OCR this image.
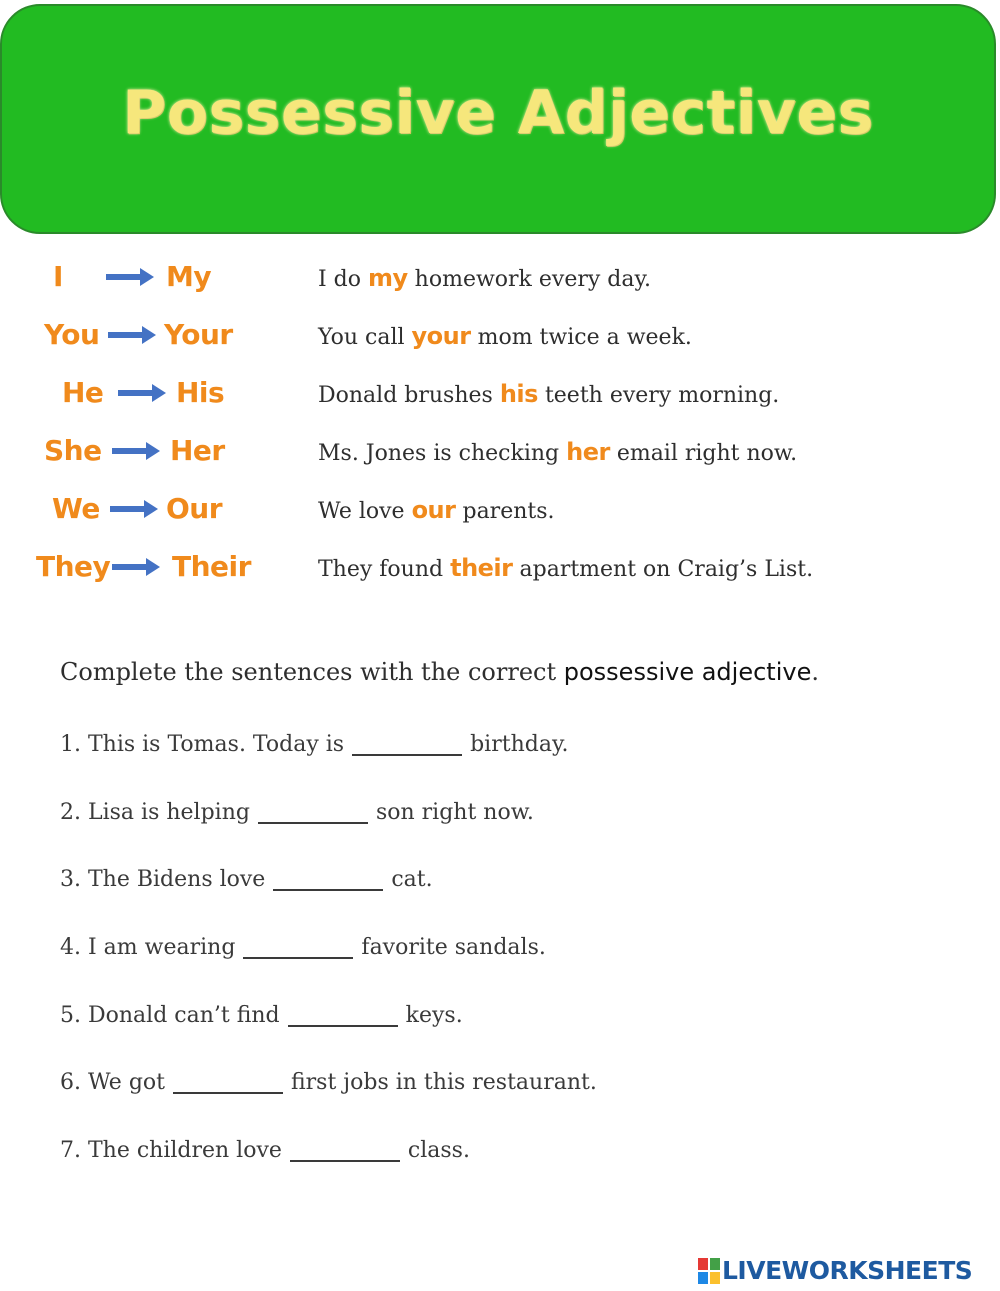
Possessive Adjectives
I	My	I do my homework every day.
You Your	You call your mom twice a week.
He	His	Donald brushes his teeth every morning.
She Her	Ms. Jones is checking her email right now.
We Our	We love our parents.
They Their	They found their apartment on Craig’s List.
Complete the sentences with the correct possessive adjective.
1. This is Tomas. Today is	birthday.
2. Lisa is helping	son right now.
3. The Bidens love	cat.
4. I am wearing	favorite sandals.
5. Donald can’t find	keys.
6. We got	first jobs in this restaurant.
7. The children love	class.
LIVEWORKSHEETS
